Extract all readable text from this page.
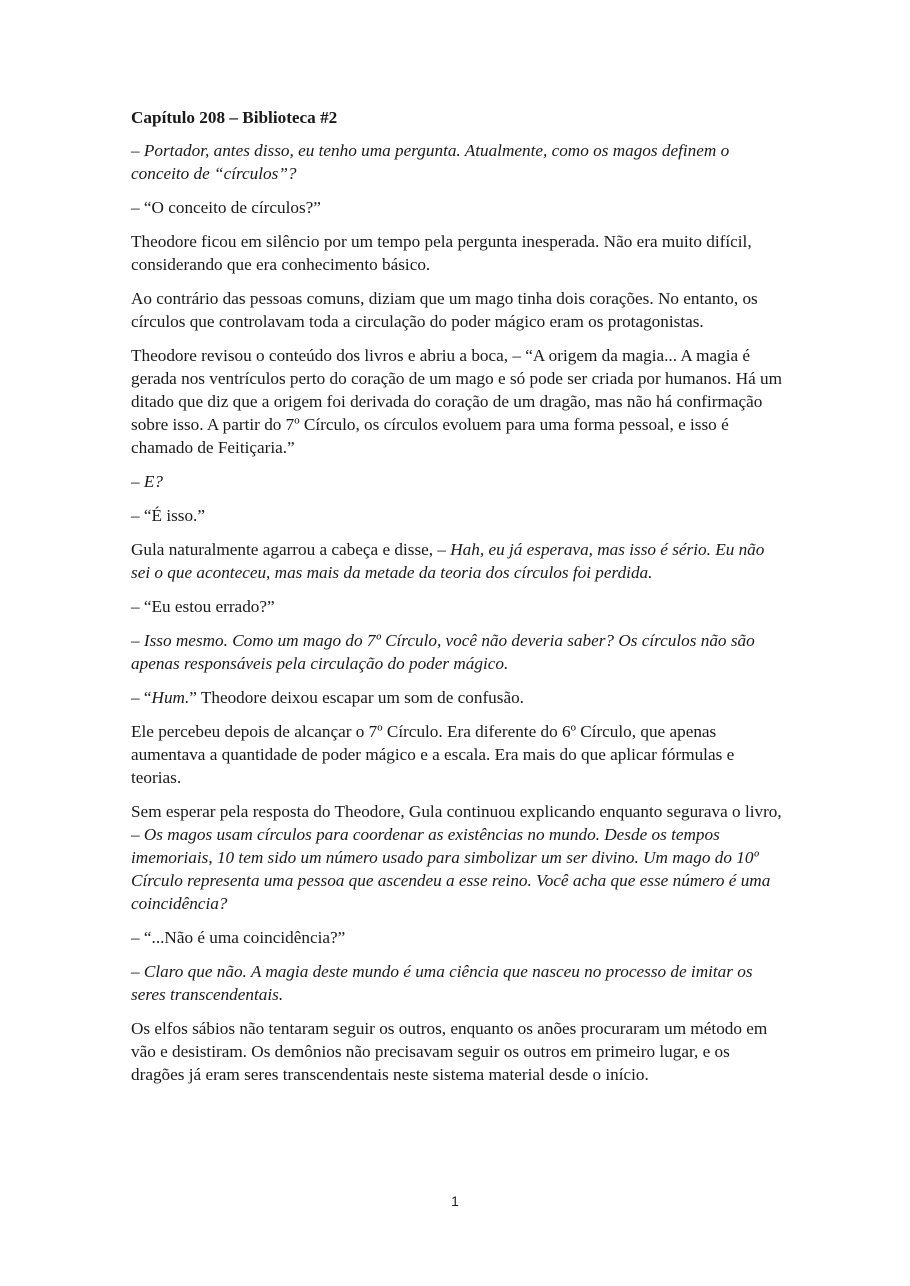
Capítulo 208 – Biblioteca #2

– Portador, antes disso, eu tenho uma pergunta. Atualmente, como os magos definem o conceito de “círculos”?

– “O conceito de círculos?”

Theodore ficou em silêncio por um tempo pela pergunta inesperada. Não era muito difícil, considerando que era conhecimento básico.

Ao contrário das pessoas comuns, diziam que um mago tinha dois corações. No entanto, os círculos que controlavam toda a circulação do poder mágico eram os protagonistas.

Theodore revisou o conteúdo dos livros e abriu a boca, – “A origem da magia... A magia é gerada nos ventrículos perto do coração de um mago e só pode ser criada por humanos. Há um ditado que diz que a origem foi derivada do coração de um dragão, mas não há confirmação sobre isso. A partir do 7º Círculo, os círculos evoluem para uma forma pessoal, e isso é chamado de Feitiçaria.”

– E?

– “É isso.”

Gula naturalmente agarrou a cabeça e disse, – Hah, eu já esperava, mas isso é sério. Eu não sei o que aconteceu, mas mais da metade da teoria dos círculos foi perdida.

– “Eu estou errado?”

– Isso mesmo. Como um mago do 7º Círculo, você não deveria saber? Os círculos não são apenas responsáveis pela circulação do poder mágico.

– “Hum.” Theodore deixou escapar um som de confusão.

Ele percebeu depois de alcançar o 7º Círculo. Era diferente do 6º Círculo, que apenas aumentava a quantidade de poder mágico e a escala. Era mais do que aplicar fórmulas e teorias.

Sem esperar pela resposta do Theodore, Gula continuou explicando enquanto segurava o livro, – Os magos usam círculos para coordenar as existências no mundo. Desde os tempos imemoriais, 10 tem sido um número usado para simbolizar um ser divino. Um mago do 10º Círculo representa uma pessoa que ascendeu a esse reino. Você acha que esse número é uma coincidência?

– “...Não é uma coincidência?”

– Claro que não. A magia deste mundo é uma ciência que nasceu no processo de imitar os seres transcendentais.

Os elfos sábios não tentaram seguir os outros, enquanto os anões procuraram um método em vão e desistiram. Os demônios não precisavam seguir os outros em primeiro lugar, e os dragões já eram seres transcendentais neste sistema material desde o início.

1
